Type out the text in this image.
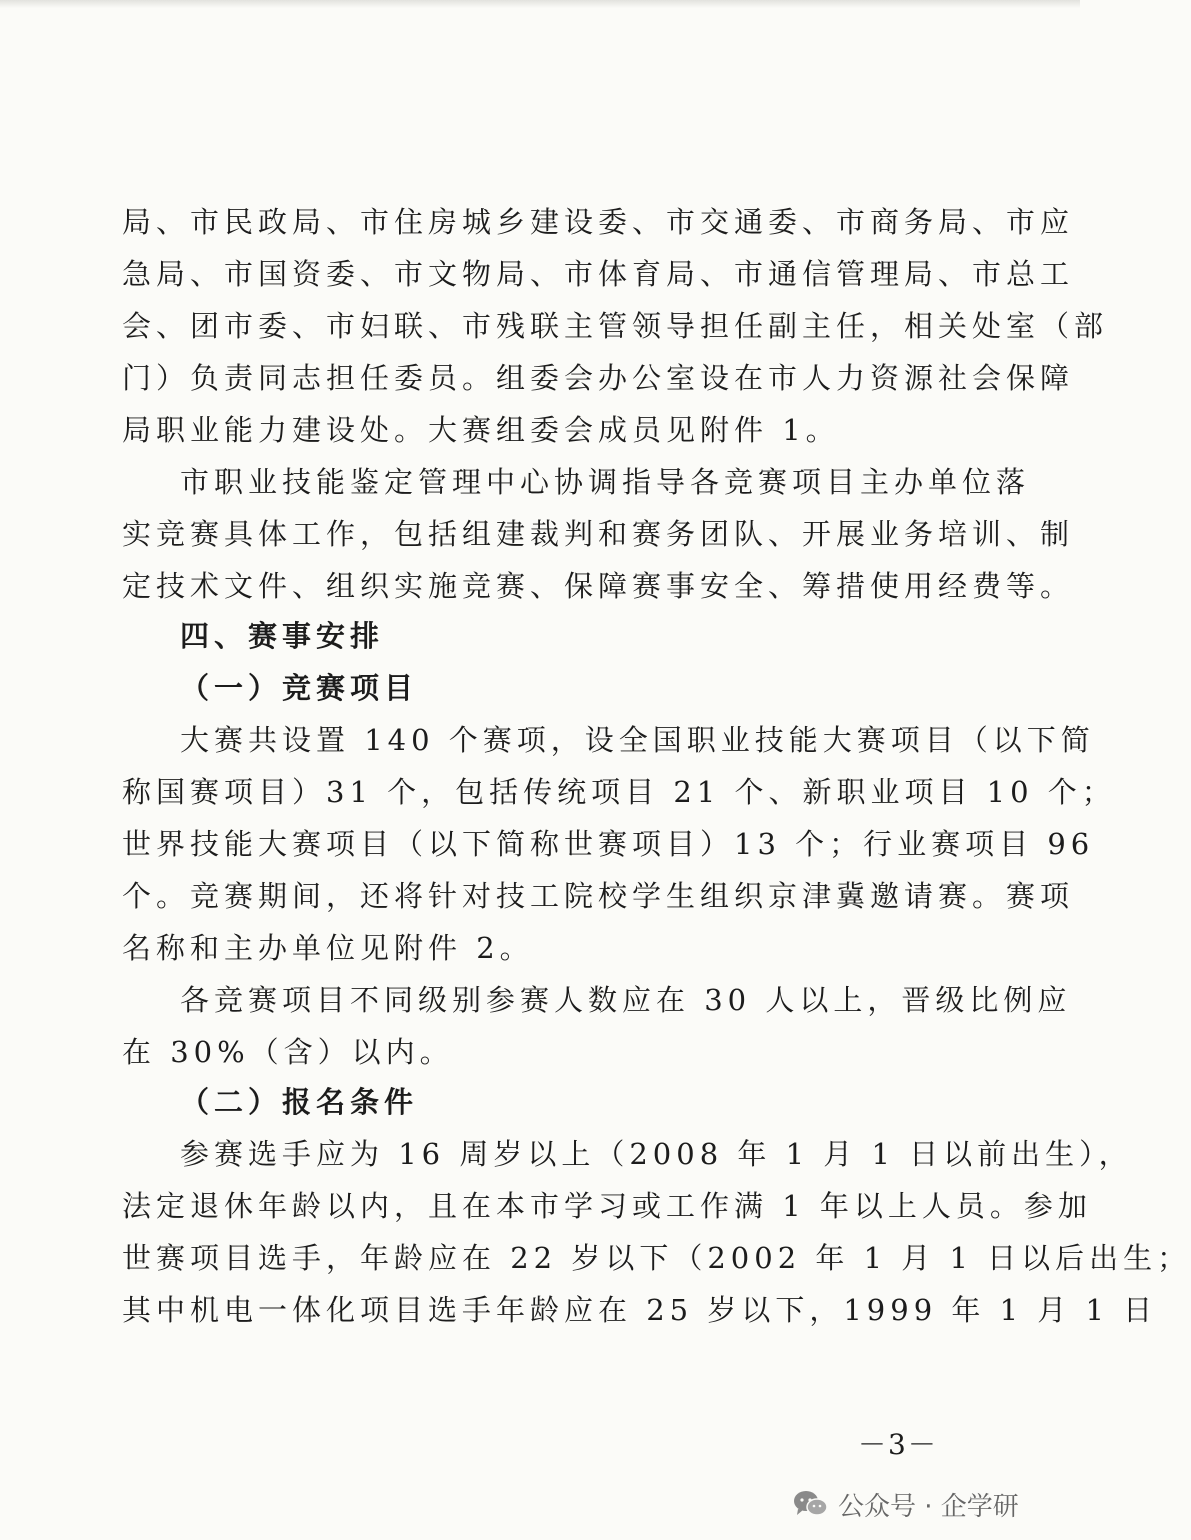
局、市民政局、市住房城乡建设委、市交通委、市商务局、市应
急局、市国资委、市文物局、市体育局、市通信管理局、市总工
会、团市委、市妇联、市残联主管领导担任副主任，相关处室（部
门）负责同志担任委员。组委会办公室设在市人力资源社会保障
局职业能力建设处。大赛组委会成员见附件 1。
市职业技能鉴定管理中心协调指导各竞赛项目主办单位落
实竞赛具体工作，包括组建裁判和赛务团队、开展业务培训、制
定技术文件、组织实施竞赛、保障赛事安全、筹措使用经费等。
四、赛事安排
（一）竞赛项目
大赛共设置 140 个赛项，设全国职业技能大赛项目（以下简
称国赛项目）31 个，包括传统项目 21 个、新职业项目 10 个；
世界技能大赛项目（以下简称世赛项目）13 个；行业赛项目 96
个。竞赛期间，还将针对技工院校学生组织京津冀邀请赛。赛项
名称和主办单位见附件 2。
各竞赛项目不同级别参赛人数应在 30 人以上，晋级比例应
在 30%（含）以内。
（二）报名条件
参赛选手应为 16 周岁以上（2008 年 1 月 1 日以前出生），
法定退休年龄以内，且在本市学习或工作满 1 年以上人员。参加
世赛项目选手，年龄应在 22 岁以下（2002 年 1 月 1 日以后出生；
其中机电一体化项目选手年龄应在 25 岁以下，1999 年 1 月 1 日
－3－
公众号 · 企学研
